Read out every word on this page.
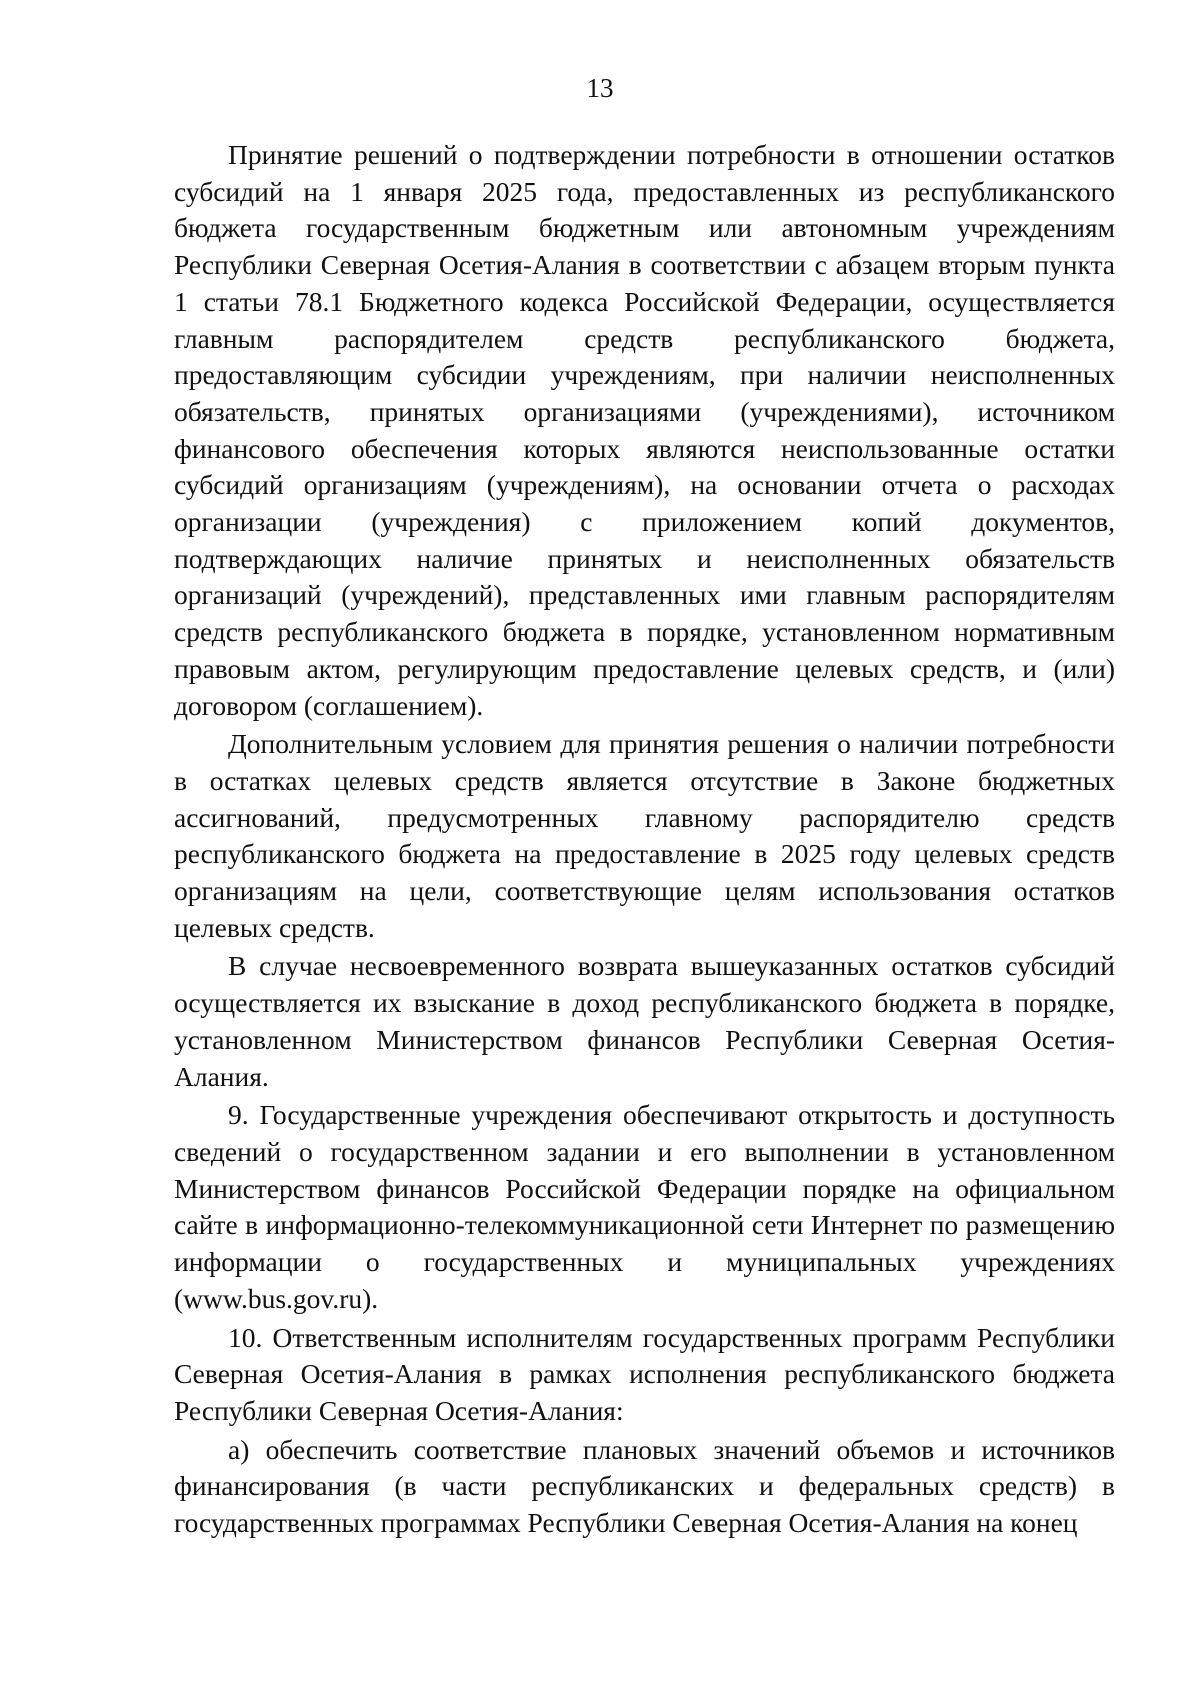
13

Принятие решений о подтверждении потребности в отношении остатков субсидий на 1 января 2025 года, предоставленных из республиканского бюджета государственным бюджетным или автономным учреждениям Республики Северная Осетия-Алания в соответствии с абзацем вторым пункта 1 статьи 78.1 Бюджетного кодекса Российской Федерации, осуществляется главным распорядителем средств республиканского бюджета, предоставляющим субсидии учреждениям, при наличии неисполненных обязательств, принятых организациями (учреждениями), источником финансового обеспечения которых являются неиспользованные остатки субсидий организациям (учреждениям), на основании отчета о расходах организации (учреждения) с приложением копий документов, подтверждающих наличие принятых и неисполненных обязательств организаций (учреждений), представленных ими главным распорядителям средств республиканского бюджета в порядке, установленном нормативным правовым актом, регулирующим предоставление целевых средств, и (или) договором (соглашением).

Дополнительным условием для принятия решения о наличии потребности в остатках целевых средств является отсутствие в Законе бюджетных ассигнований, предусмотренных главному распорядителю средств республиканского бюджета на предоставление в 2025 году целевых средств организациям на цели, соответствующие целям использования остатков целевых средств.

В случае несвоевременного возврата вышеуказанных остатков субсидий осуществляется их взыскание в доход республиканского бюджета в порядке, установленном Министерством финансов Республики Северная Осетия-Алания.

9. Государственные учреждения обеспечивают открытость и доступность сведений о государственном задании и его выполнении в установленном Министерством финансов Российской Федерации порядке на официальном сайте в информационно-телекоммуникационной сети Интернет по размещению информации о государственных и муниципальных учреждениях (www.bus.gov.ru).

10. Ответственным исполнителям государственных программ Республики Северная Осетия-Алания в рамках исполнения республиканского бюджета Республики Северная Осетия-Алания:

а) обеспечить соответствие плановых значений объемов и источников финансирования (в части республиканских и федеральных средств) в государственных программах Республики Северная Осетия-Алания на конец
